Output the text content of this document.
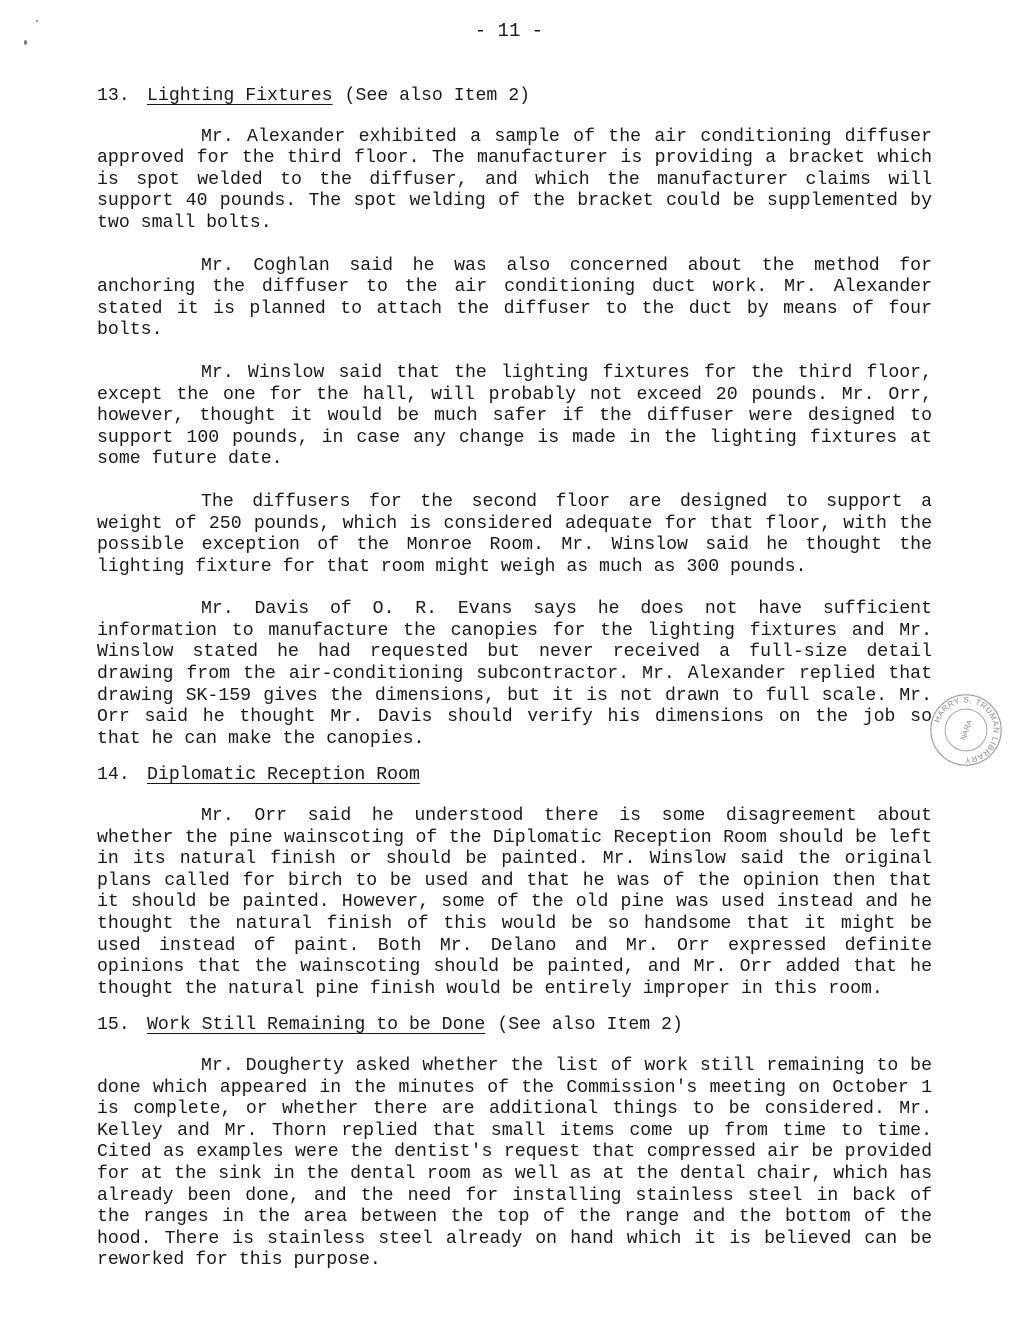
- 11 -
13. Lighting Fixtures (See also Item 2)

Mr. Alexander exhibited a sample of the air conditioning diffuser approved for the third floor. The manufacturer is providing a bracket which is spot welded to the diffuser, and which the manufacturer claims will support 40 pounds. The spot welding of the bracket could be supplemented by two small bolts.

Mr. Coghlan said he was also concerned about the method for anchoring the diffuser to the air conditioning duct work. Mr. Alexander stated it is planned to attach the diffuser to the duct by means of four bolts.

Mr. Winslow said that the lighting fixtures for the third floor, except the one for the hall, will probably not exceed 20 pounds. Mr. Orr, however, thought it would be much safer if the diffuser were designed to support 100 pounds, in case any change is made in the lighting fixtures at some future date.

The diffusers for the second floor are designed to support a weight of 250 pounds, which is considered adequate for that floor, with the possible exception of the Monroe Room. Mr. Winslow said he thought the lighting fixture for that room might weigh as much as 300 pounds.

Mr. Davis of O. R. Evans says he does not have sufficient information to manufacture the canopies for the lighting fixtures and Mr. Winslow stated he had requested but never received a full-size detail drawing from the air-conditioning subcontractor. Mr. Alexander replied that drawing SK-159 gives the dimensions, but it is not drawn to full scale. Mr. Orr said he thought Mr. Davis should verify his dimensions on the job so that he can make the canopies.

14. Diplomatic Reception Room

Mr. Orr said he understood there is some disagreement about whether the pine wainscoting of the Diplomatic Reception Room should be left in its natural finish or should be painted. Mr. Winslow said the original plans called for birch to be used and that he was of the opinion then that it should be painted. However, some of the old pine was used instead and he thought the natural finish of this would be so handsome that it might be used instead of paint. Both Mr. Delano and Mr. Orr expressed definite opinions that the wainscoting should be painted, and Mr. Orr added that he thought the natural pine finish would be entirely improper in this room.

15. Work Still Remaining to be Done (See also Item 2)

Mr. Dougherty asked whether the list of work still remaining to be done which appeared in the minutes of the Commission's meeting on October 1 is complete, or whether there are additional things to be considered. Mr. Kelley and Mr. Thorn replied that small items come up from time to time. Cited as examples were the dentist's request that compressed air be provided for at the sink in the dental room as well as at the dental chair, which has already been done, and the need for installing stainless steel in back of the ranges in the area between the top of the range and the bottom of the hood. There is stainless steel already on hand which it is believed can be reworked for this purpose.

HARRY S. TRUMAN LIBRARY
NARA
